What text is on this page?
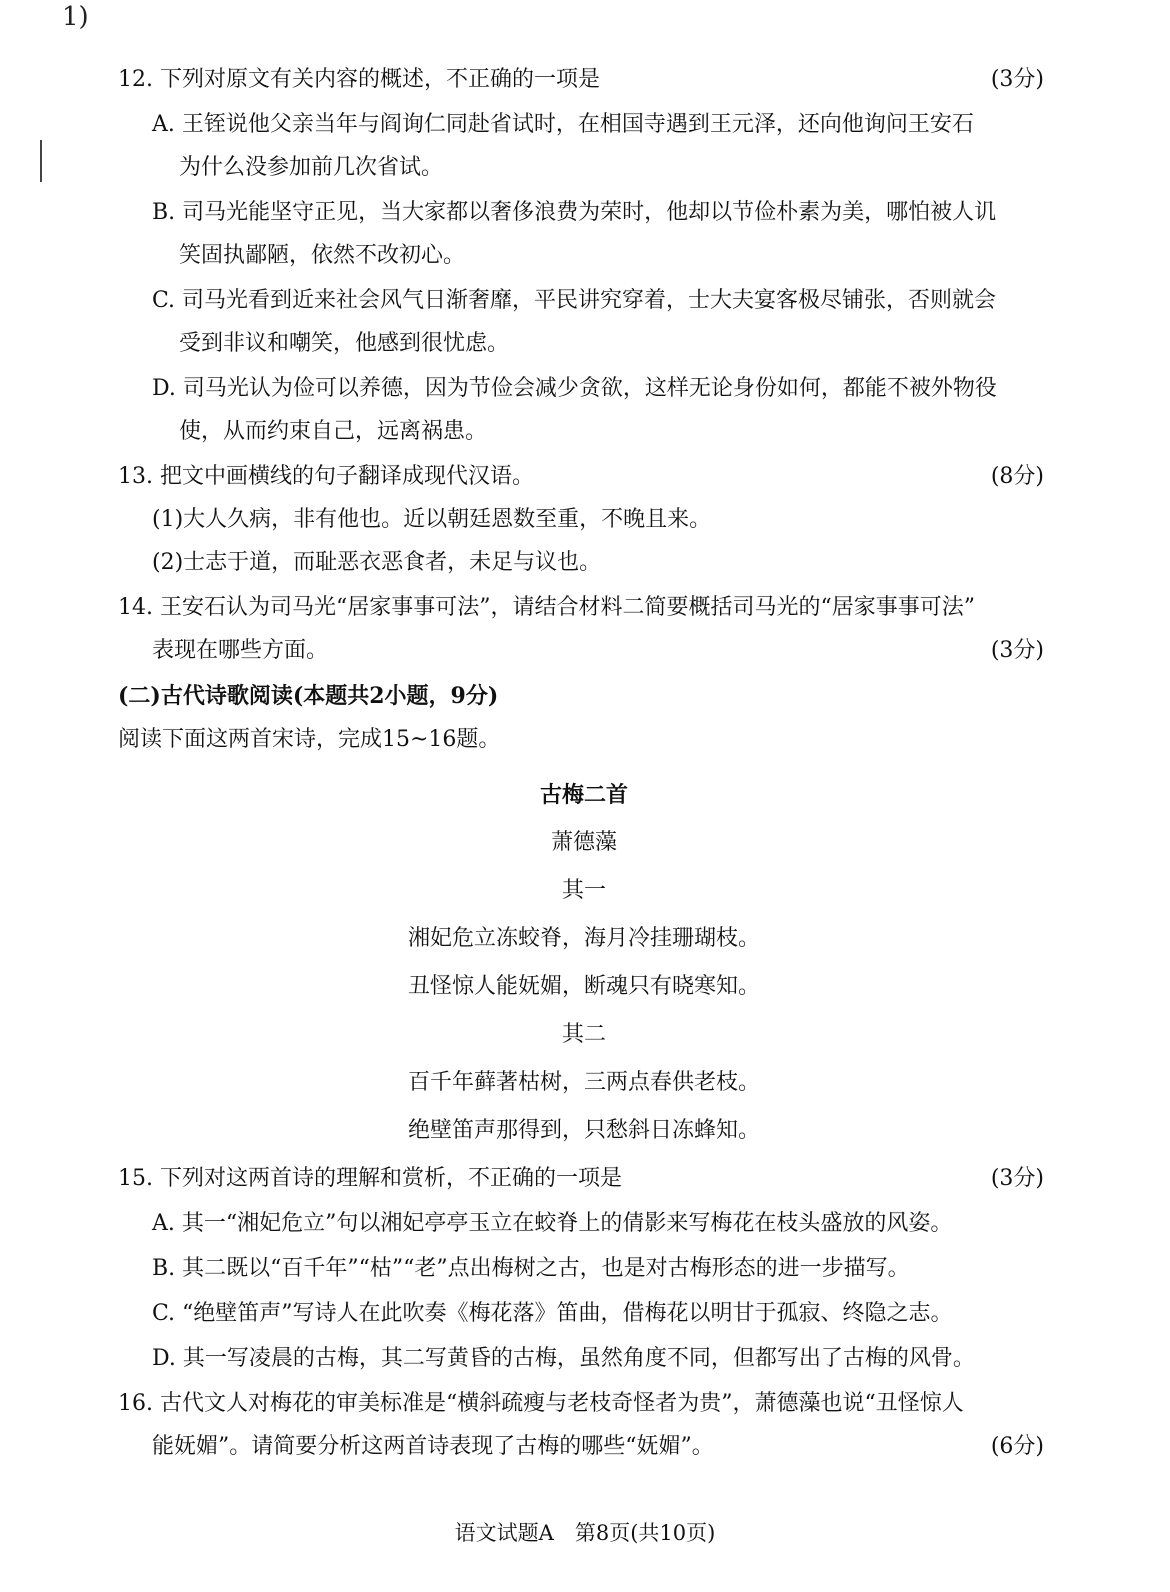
1)
12. 下列对原文有关内容的概述，不正确的一项是	(3分)
A. 王铚说他父亲当年与阎询仁同赴省试时，在相国寺遇到王元泽，还向他询问王安石
为什么没参加前几次省试。
B. 司马光能坚守正见，当大家都以奢侈浪费为荣时，他却以节俭朴素为美，哪怕被人讥
笑固执鄙陋，依然不改初心。
C. 司马光看到近来社会风气日渐奢靡，平民讲究穿着，士大夫宴客极尽铺张，否则就会
受到非议和嘲笑，他感到很忧虑。
D. 司马光认为俭可以养德，因为节俭会减少贪欲，这样无论身份如何，都能不被外物役
使，从而约束自己，远离祸患。
13. 把文中画横线的句子翻译成现代汉语。	(8分)
(1)大人久病，非有他也。近以朝廷恩数至重，不晚且来。
(2)士志于道，而耻恶衣恶食者，未足与议也。
14. 王安石认为司马光“居家事事可法”，请结合材料二简要概括司马光的“居家事事可法”
表现在哪些方面。	(3分)
(二)古代诗歌阅读(本题共2小题，9分)
阅读下面这两首宋诗，完成15~16题。
古梅二首
萧德藻
其一
湘妃危立冻蛟脊，海月冷挂珊瑚枝。
丑怪惊人能妩媚，断魂只有晓寒知。
其二
百千年藓著枯树，三两点春供老枝。
绝壁笛声那得到，只愁斜日冻蜂知。
15. 下列对这两首诗的理解和赏析，不正确的一项是	(3分)
A. 其一“湘妃危立”句以湘妃亭亭玉立在蛟脊上的倩影来写梅花在枝头盛放的风姿。
B. 其二既以“百千年”“枯”“老”点出梅树之古，也是对古梅形态的进一步描写。
C. “绝壁笛声”写诗人在此吹奏《梅花落》笛曲，借梅花以明甘于孤寂、终隐之志。
D. 其一写凌晨的古梅，其二写黄昏的古梅，虽然角度不同，但都写出了古梅的风骨。
16. 古代文人对梅花的审美标准是“横斜疏瘦与老枝奇怪者为贵”，萧德藻也说“丑怪惊人
能妩媚”。请简要分析这两首诗表现了古梅的哪些“妩媚”。	(6分)
语文试题A　第8页(共10页)
